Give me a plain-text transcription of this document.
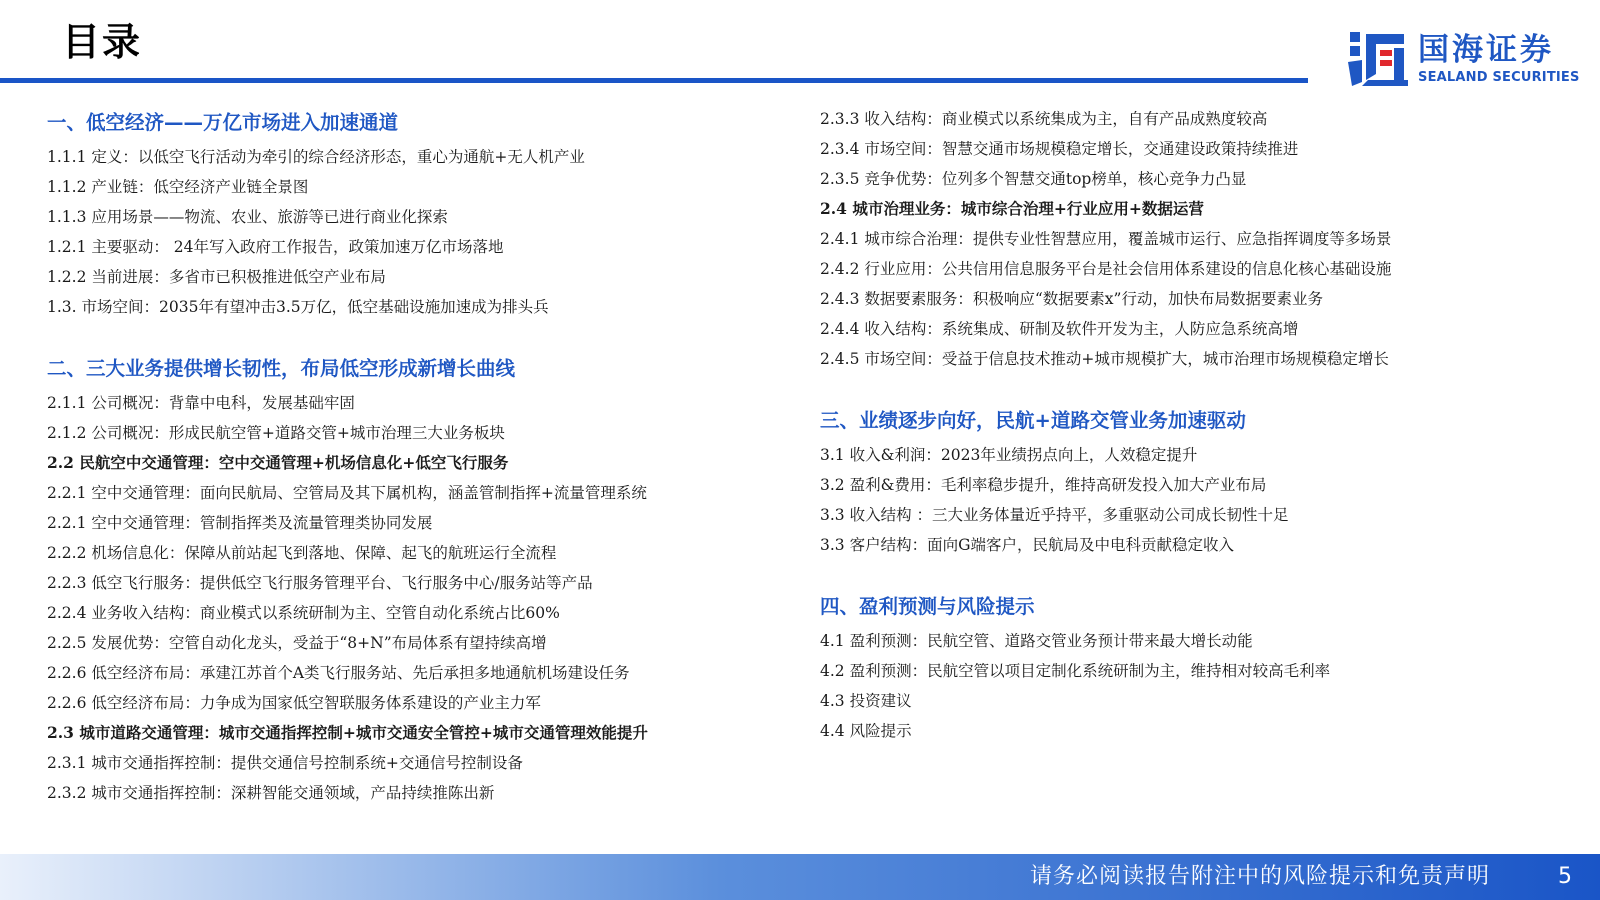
目录	国海证券
SEALAND SECURITIES
一、低空经济——万亿市场进入加速通道
1.1.1 定义：以低空飞行活动为牵引的综合经济形态，重心为通航+无人机产业
1.1.2 产业链：低空经济产业链全景图
1.1.3 应用场景——物流、农业、旅游等已进行商业化探索
1.2.1 主要驱动： 24年写入政府工作报告，政策加速万亿市场落地
1.2.2 当前进展：多省市已积极推进低空产业布局
1.3. 市场空间：2035年有望冲击3.5万亿，低空基础设施加速成为排头兵
二、三大业务提供增长韧性，布局低空形成新增长曲线
2.1.1 公司概况：背靠中电科，发展基础牢固
2.1.2 公司概况：形成民航空管+道路交管+城市治理三大业务板块
2.2 民航空中交通管理：空中交通管理+机场信息化+低空飞行服务
2.2.1 空中交通管理：面向民航局、空管局及其下属机构，涵盖管制指挥+流量管理系统
2.2.1 空中交通管理：管制指挥类及流量管理类协同发展
2.2.2 机场信息化：保障从前站起飞到落地、保障、起飞的航班运行全流程
2.2.3 低空飞行服务：提供低空飞行服务管理平台、飞行服务中心/服务站等产品
2.2.4 业务收入结构：商业模式以系统研制为主、空管自动化系统占比60%
2.2.5 发展优势：空管自动化龙头，受益于“8+N”布局体系有望持续高增
2.2.6 低空经济布局：承建江苏首个A类飞行服务站、先后承担多地通航机场建设任务
2.2.6 低空经济布局：力争成为国家低空智联服务体系建设的产业主力军
2.3 城市道路交通管理：城市交通指挥控制+城市交通安全管控+城市交通管理效能提升
2.3.1 城市交通指挥控制：提供交通信号控制系统+交通信号控制设备
2.3.2 城市交通指挥控制：深耕智能交通领域，产品持续推陈出新
2.3.3 收入结构：商业模式以系统集成为主，自有产品成熟度较高
2.3.4 市场空间：智慧交通市场规模稳定增长，交通建设政策持续推进
2.3.5 竞争优势：位列多个智慧交通top榜单，核心竞争力凸显
2.4 城市治理业务：城市综合治理+行业应用+数据运营
2.4.1 城市综合治理：提供专业性智慧应用，覆盖城市运行、应急指挥调度等多场景
2.4.2 行业应用：公共信用信息服务平台是社会信用体系建设的信息化核心基础设施
2.4.3 数据要素服务：积极响应“数据要素x”行动，加快布局数据要素业务
2.4.4 收入结构：系统集成、研制及软件开发为主，人防应急系统高增
2.4.5 市场空间：受益于信息技术推动+城市规模扩大，城市治理市场规模稳定增长
三、业绩逐步向好，民航+道路交管业务加速驱动
3.1 收入&利润：2023年业绩拐点向上，人效稳定提升
3.2 盈利&费用：毛利率稳步提升，维持高研发投入加大产业布局
3.3 收入结构 ：三大业务体量近乎持平，多重驱动公司成长韧性十足
3.3 客户结构：面向G端客户，民航局及中电科贡献稳定收入
四、盈利预测与风险提示
4.1 盈利预测：民航空管、道路交管业务预计带来最大增长动能
4.2 盈利预测：民航空管以项目定制化系统研制为主，维持相对较高毛利率
4.3 投资建议
4.4 风险提示
请务必阅读报告附注中的风险提示和免责声明	5
